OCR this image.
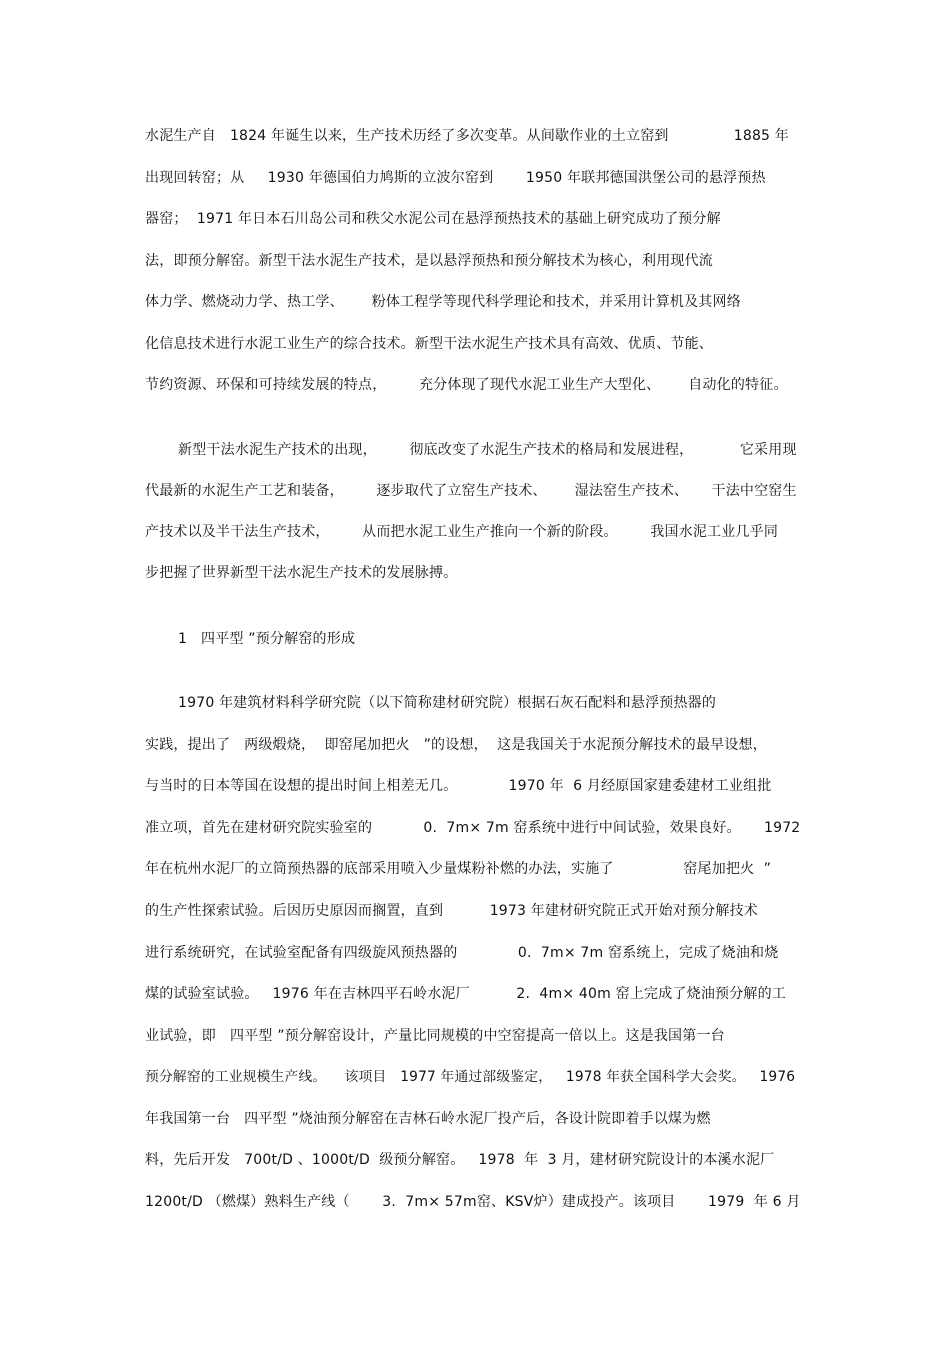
水泥生产自   1824 年诞生以来，生产技术历经了多次变革。从间歇作业的土立窑到              1885 年
出现回转窑；从     1930 年德国伯力鸠斯的立波尔窑到       1950 年联邦德国洪堡公司的悬浮预热
器窑；  1971 年日本石川岛公司和秩父水泥公司在悬浮预热技术的基础上研究成功了预分解
法，即预分解窑。新型干法水泥生产技术，是以悬浮预热和预分解技术为核心，利用现代流
体力学、燃烧动力学、热工学、      粉体工程学等现代科学理论和技术，并采用计算机及其网络
化信息技术进行水泥工业生产的综合技术。新型干法水泥生产技术具有高效、优质、节能、
节约资源、环保和可持续发展的特点，       充分体现了现代水泥工业生产大型化、      自动化的特征。
新型干法水泥生产技术的出现，       彻底改变了水泥生产技术的格局和发展进程，          它采用现
代最新的水泥生产工艺和装备，       逐步取代了立窑生产技术、      湿法窑生产技术、     干法中空窑生
产技术以及半干法生产技术，       从而把水泥工业生产推向一个新的阶段。       我国水泥工业几乎同
步把握了世界新型干法水泥生产技术的发展脉搏。
1   四平型 ”预分解窑的形成
1970 年建筑材料科学研究院（以下简称建材研究院）根据石灰石配料和悬浮预热器的
实践，提出了   两级煅烧，  即窑尾加把火   ”的设想，  这是我国关于水泥预分解技术的最早设想，
与当时的日本等国在设想的提出时间上相差无几。           1970 年  6 月经原国家建委建材工业组批
准立项，首先在建材研究院实验室的           0.  7m× 7m 窑系统中进行中间试验，效果良好。     1972
年在杭州水泥厂的立筒预热器的底部采用喷入少量煤粉补燃的办法，实施了               窑尾加把火  ”
的生产性探索试验。后因历史原因而搁置，直到          1973 年建材研究院正式开始对预分解技术
进行系统研究，在试验室配备有四级旋风预热器的             0.  7m× 7m 窑系统上，完成了烧油和烧
煤的试验室试验。   1976 年在吉林四平石岭水泥厂          2.  4m× 40m 窑上完成了烧油预分解的工
业试验，即   四平型 ”预分解窑设计，产量比同规模的中空窑提高一倍以上。这是我国第一台
预分解窑的工业规模生产线。    该项目   1977 年通过部级鉴定，   1978 年获全国科学大会奖。   1976
年我国第一台   四平型 ”烧油预分解窑在吉林石岭水泥厂投产后，各设计院即着手以煤为燃
料，先后开发   700t/D 、1000t/D  级预分解窑。   1978  年  3 月，建材研究院设计的本溪水泥厂
1200t/D （燃煤）熟料生产线（       3.  7m× 57m窑、KSV炉）建成投产。该项目       1979  年 6 月
